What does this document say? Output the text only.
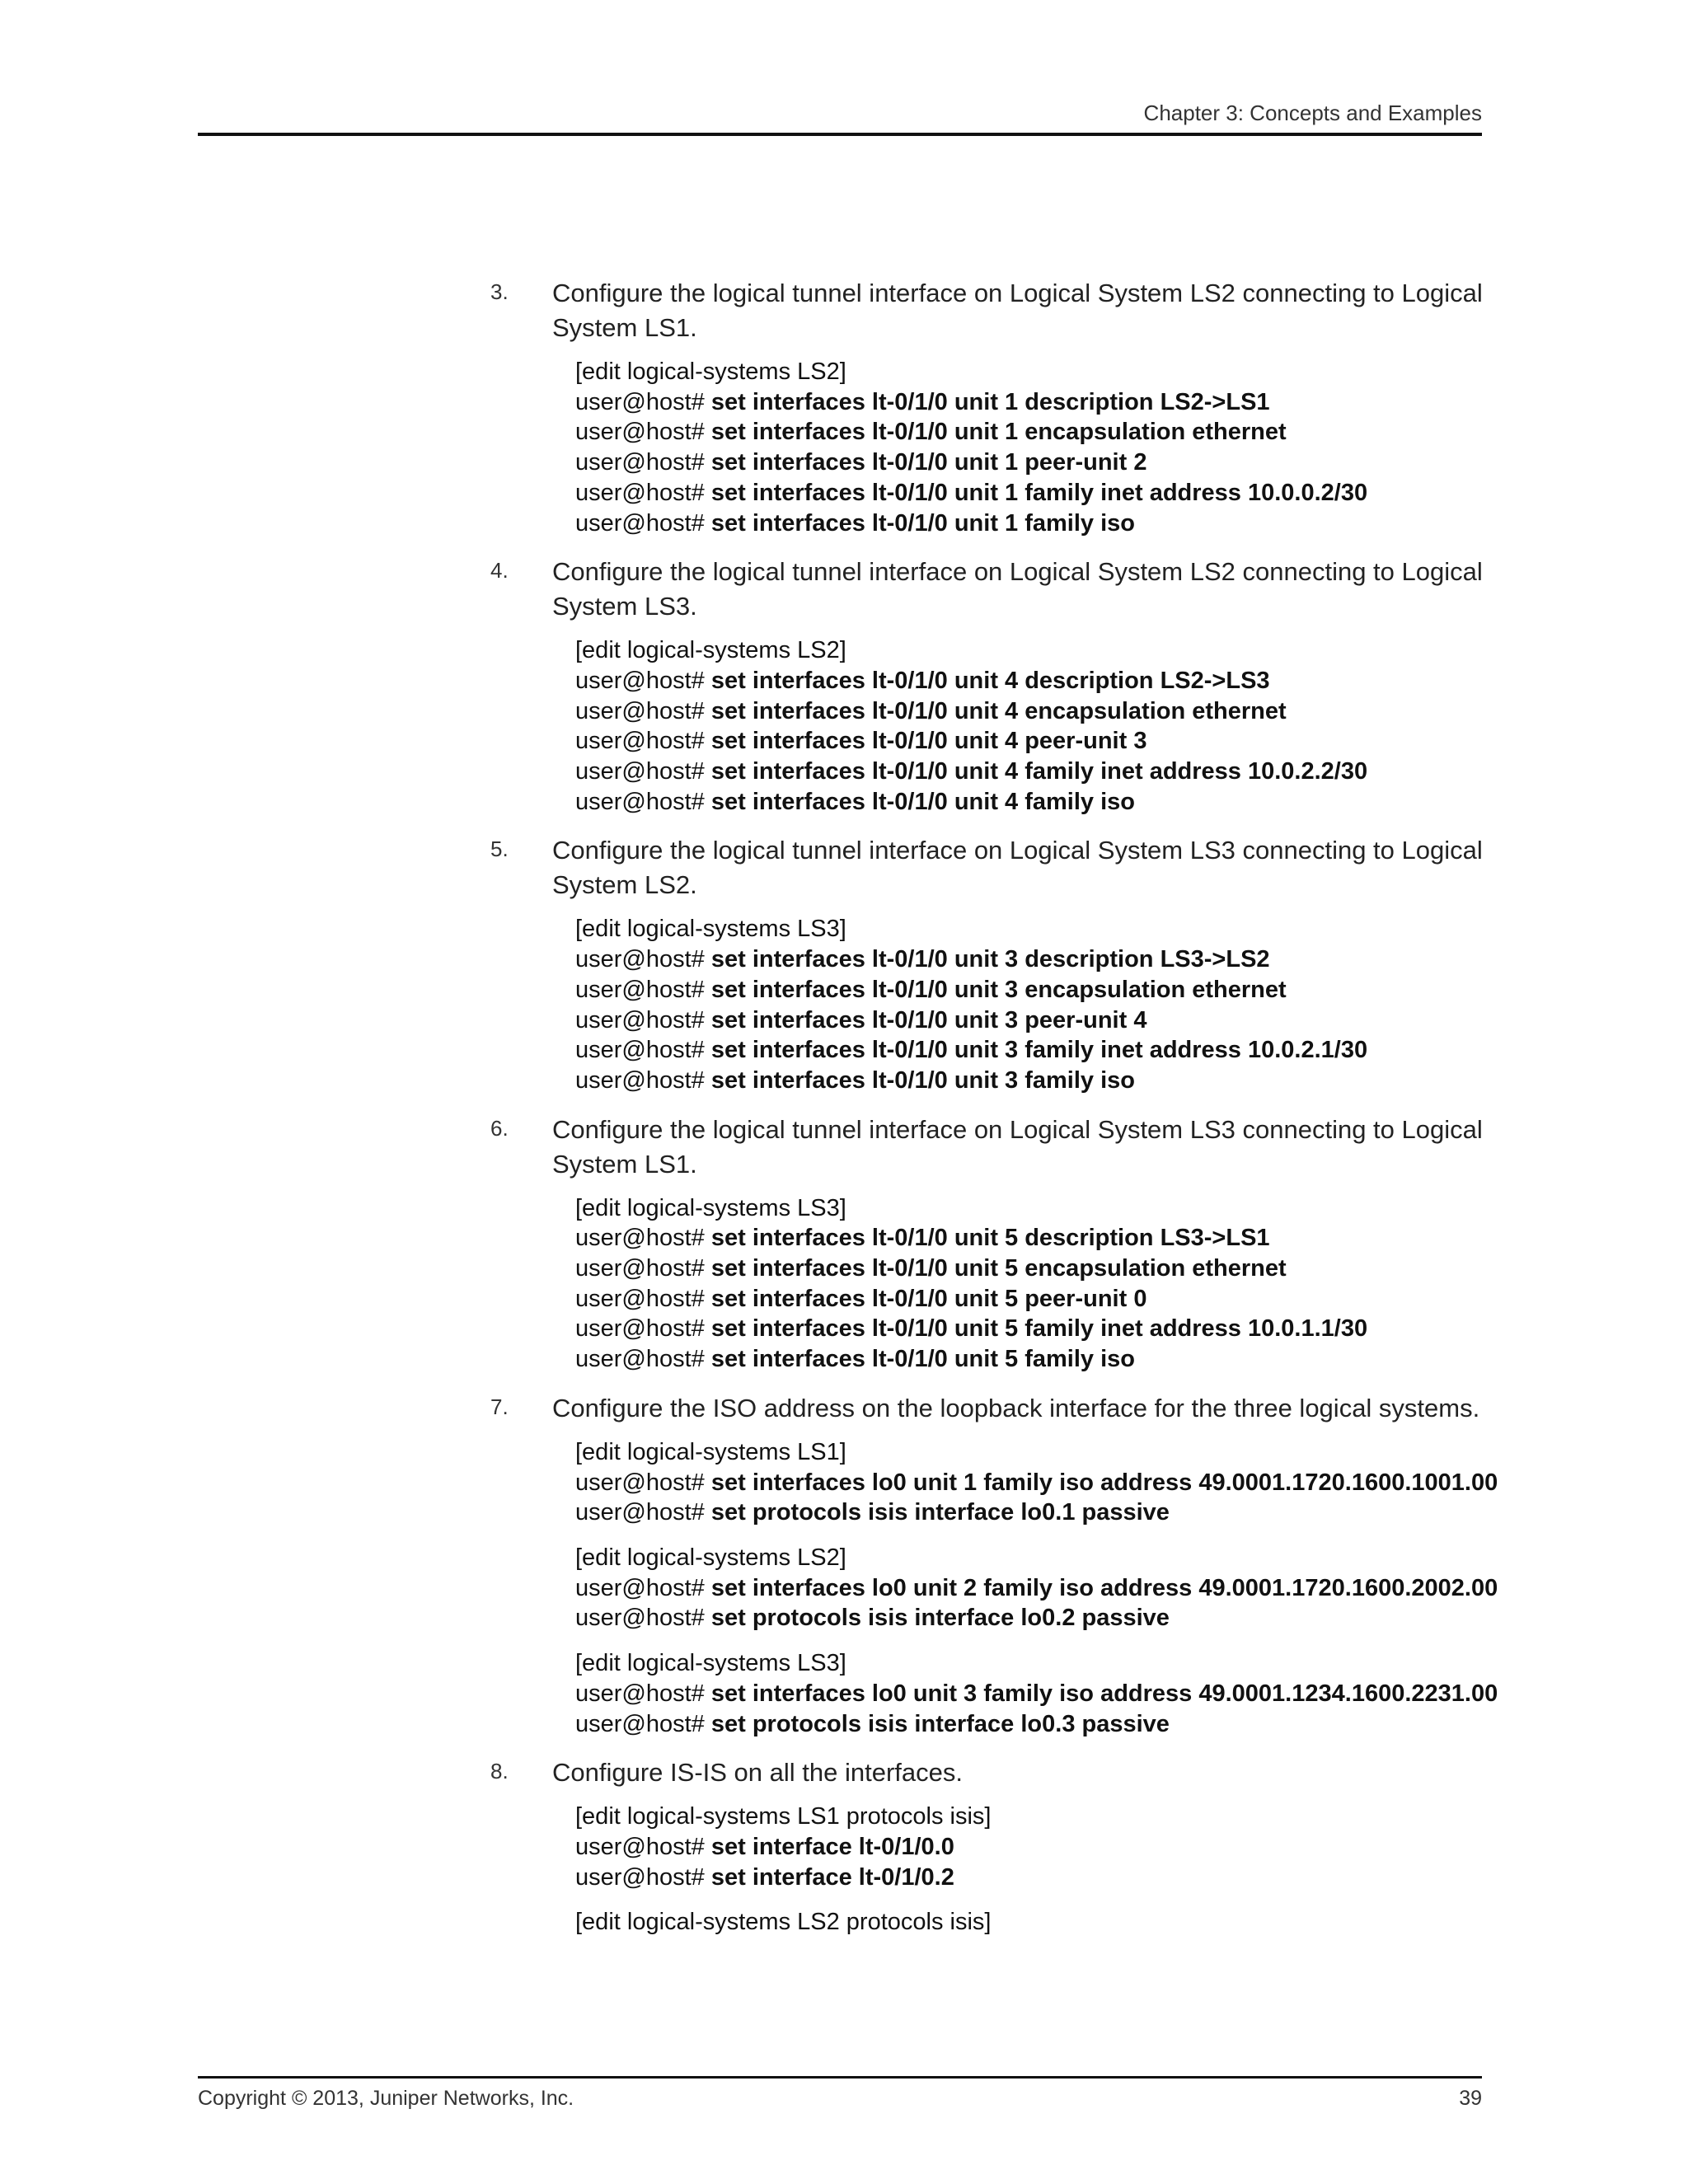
Chapter 3: Concepts and Examples
3. Configure the logical tunnel interface on Logical System LS2 connecting to Logical System LS1.
[edit logical-systems LS2]
user@host# set interfaces lt-0/1/0 unit 1 description LS2->LS1
user@host# set interfaces lt-0/1/0 unit 1 encapsulation ethernet
user@host# set interfaces lt-0/1/0 unit 1 peer-unit 2
user@host# set interfaces lt-0/1/0 unit 1 family inet address 10.0.0.2/30
user@host# set interfaces lt-0/1/0 unit 1 family iso
4. Configure the logical tunnel interface on Logical System LS2 connecting to Logical System LS3.
[edit logical-systems LS2]
user@host# set interfaces lt-0/1/0 unit 4 description LS2->LS3
user@host# set interfaces lt-0/1/0 unit 4 encapsulation ethernet
user@host# set interfaces lt-0/1/0 unit 4 peer-unit 3
user@host# set interfaces lt-0/1/0 unit 4 family inet address 10.0.2.2/30
user@host# set interfaces lt-0/1/0 unit 4 family iso
5. Configure the logical tunnel interface on Logical System LS3 connecting to Logical System LS2.
[edit logical-systems LS3]
user@host# set interfaces lt-0/1/0 unit 3 description LS3->LS2
user@host# set interfaces lt-0/1/0 unit 3 encapsulation ethernet
user@host# set interfaces lt-0/1/0 unit 3 peer-unit 4
user@host# set interfaces lt-0/1/0 unit 3 family inet address 10.0.2.1/30
user@host# set interfaces lt-0/1/0 unit 3 family iso
6. Configure the logical tunnel interface on Logical System LS3 connecting to Logical System LS1.
[edit logical-systems LS3]
user@host# set interfaces lt-0/1/0 unit 5 description LS3->LS1
user@host# set interfaces lt-0/1/0 unit 5 encapsulation ethernet
user@host# set interfaces lt-0/1/0 unit 5 peer-unit 0
user@host# set interfaces lt-0/1/0 unit 5 family inet address 10.0.1.1/30
user@host# set interfaces lt-0/1/0 unit 5 family iso
7. Configure the ISO address on the loopback interface for the three logical systems.
[edit logical-systems LS1]
user@host# set interfaces lo0 unit 1 family iso address 49.0001.1720.1600.1001.00
user@host# set protocols isis interface lo0.1 passive
[edit logical-systems LS2]
user@host# set interfaces lo0 unit 2 family iso address 49.0001.1720.1600.2002.00
user@host# set protocols isis interface lo0.2 passive
[edit logical-systems LS3]
user@host# set interfaces lo0 unit 3 family iso address 49.0001.1234.1600.2231.00
user@host# set protocols isis interface lo0.3 passive
8. Configure IS-IS on all the interfaces.
[edit logical-systems LS1 protocols isis]
user@host# set interface lt-0/1/0.0
user@host# set interface lt-0/1/0.2
[edit logical-systems LS2 protocols isis]
Copyright © 2013, Juniper Networks, Inc.	39
